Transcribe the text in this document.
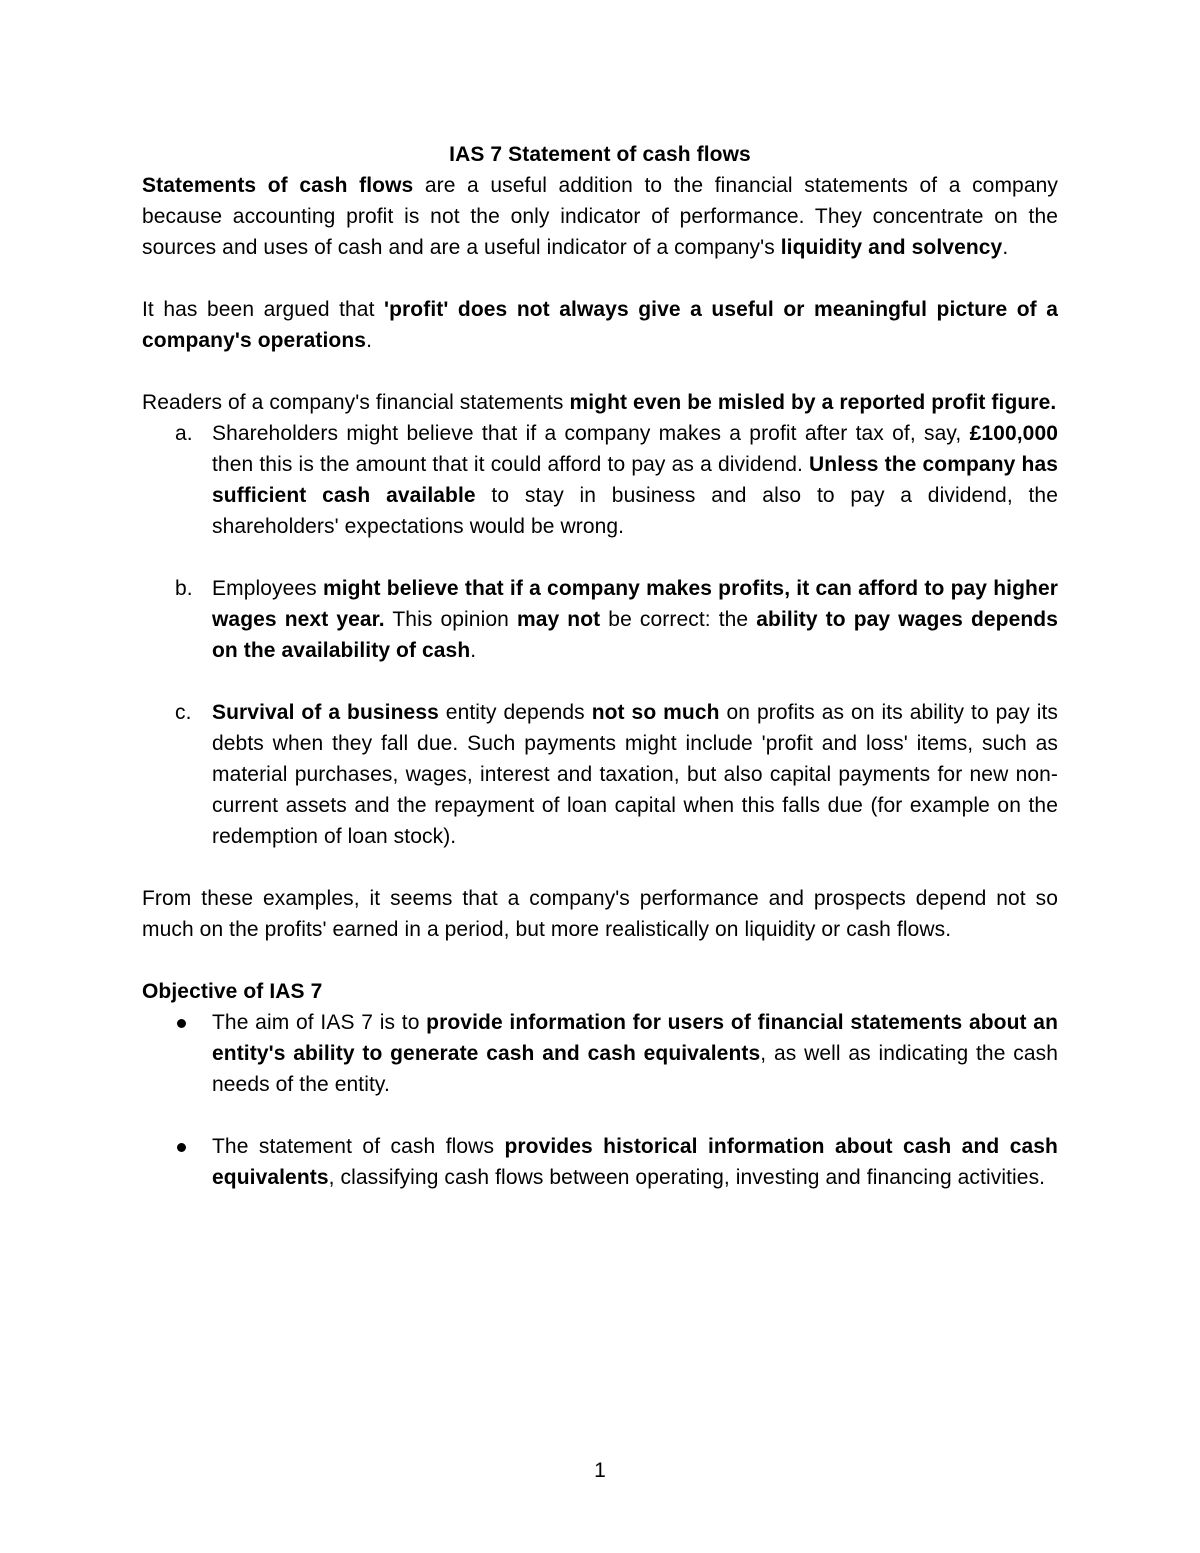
IAS 7 Statement of cash flows

Statements of cash flows are a useful addition to the financial statements of a company because accounting profit is not the only indicator of performance. They concentrate on the sources and uses of cash and are a useful indicator of a company's liquidity and solvency.

It has been argued that 'profit' does not always give a useful or meaningful picture of a company's operations.

Readers of a company's financial statements might even be misled by a reported profit figure.

a. Shareholders might believe that if a company makes a profit after tax of, say, £100,000 then this is the amount that it could afford to pay as a dividend. Unless the company has sufficient cash available to stay in business and also to pay a dividend, the shareholders' expectations would be wrong.
b. Employees might believe that if a company makes profits, it can afford to pay higher wages next year. This opinion may not be correct: the ability to pay wages depends on the availability of cash.
c. Survival of a business entity depends not so much on profits as on its ability to pay its debts when they fall due. Such payments might include 'profit and loss' items, such as material purchases, wages, interest and taxation, but also capital payments for new non-current assets and the repayment of loan capital when this falls due (for example on the redemption of loan stock).

From these examples, it seems that a company's performance and prospects depend not so much on the profits' earned in a period, but more realistically on liquidity or cash flows.

Objective of IAS 7

The aim of IAS 7 is to provide information for users of financial statements about an entity's ability to generate cash and cash equivalents, as well as indicating the cash needs of the entity.
The statement of cash flows provides historical information about cash and cash equivalents, classifying cash flows between operating, investing and financing activities.
1
